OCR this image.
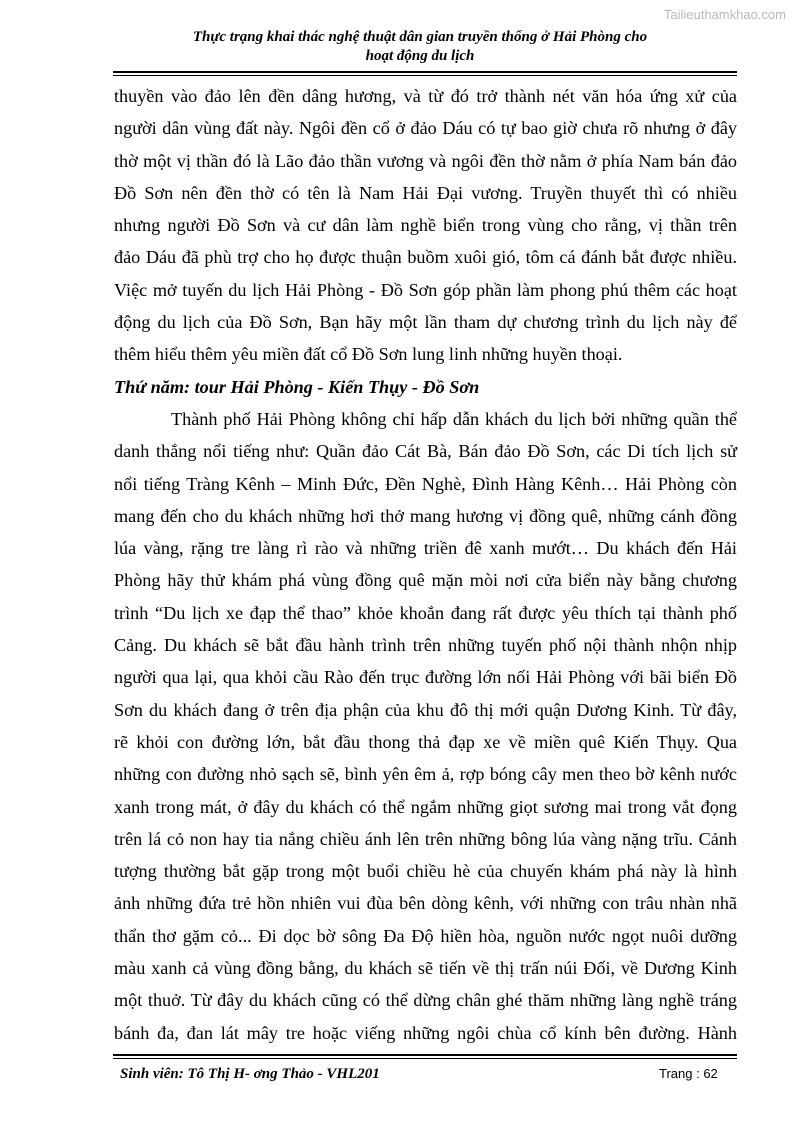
Tailieuthamkhao.com
Thực trạng khai thác nghệ thuật dân gian truyền thống ở Hải Phòng cho
hoạt động du lịch
thuyền vào đảo lên đền dâng hương, và từ đó trở thành nét văn hóa ứng xử của
người dân vùng đất này. Ngôi đền cổ ở đảo Dáu có tự bao giờ chưa rõ nhưng ở đây
thờ một vị thần đó là Lão đảo thần vương và ngôi đền thờ nằm ở phía Nam bán đảo
Đồ Sơn nên đền thờ có tên là Nam Hải Đại vương. Truyền thuyết thì có nhiều
nhưng người Đồ Sơn và cư dân làm nghề biển trong vùng cho rằng, vị thần trên
đảo Dáu đã phù trợ cho họ được thuận buồm xuôi gió, tôm cá đánh bắt được nhiều.
Việc mở tuyến du lịch Hải Phòng - Đồ Sơn góp phần làm phong phú thêm các hoạt
động du lịch của Đồ Sơn, Bạn hãy một lần tham dự chương trình du lịch này để
thêm hiểu thêm yêu miền đất cổ Đồ Sơn lung linh những huyền thoại.
Thứ năm: tour Hải Phòng - Kiến Thụy - Đồ Sơn
Thành phố Hải Phòng không chỉ hấp dẫn khách du lịch bởi những quần thể
danh thắng nổi tiếng như: Quần đảo Cát Bà, Bán đảo Đồ Sơn, các Di tích lịch sử
nổi tiếng Tràng Kênh – Minh Đức, Đền Nghè, Đình Hàng Kênh… Hải Phòng còn
mang đến cho du khách những hơi thở mang hương vị đồng quê, những cánh đồng
lúa vàng, rặng tre làng rì rào và những triền đê xanh mướt… Du khách đến Hải
Phòng hãy thử khám phá vùng đồng quê mặn mòi nơi cửa biển này bằng chương
trình “Du lịch xe đạp thể thao” khỏe khoắn đang rất được yêu thích tại thành phố
Cảng. Du khách sẽ bắt đầu hành trình trên những tuyến phố nội thành nhộn nhịp
người qua lại, qua khỏi cầu Rào đến trục đường lớn nối Hải Phòng với bãi biển Đồ
Sơn du khách đang ở trên địa phận của khu đô thị mới quận Dương Kinh. Từ đây,
rẽ khỏi con đường lớn, bắt đầu thong thả đạp xe về miền quê Kiến Thụy. Qua
những con đường nhỏ sạch sẽ, bình yên êm ả, rợp bóng cây men theo bờ kênh nước
xanh trong mát, ở đây du khách có thể ngắm những giọt sương mai trong vắt đọng
trên lá cỏ non hay tia nắng chiều ánh lên trên những bông lúa vàng nặng trĩu. Cảnh
tượng thường bắt gặp trong một buổi chiều hè của chuyến khám phá này là hình
ảnh những đứa trẻ hồn nhiên vui đùa bên dòng kênh, với những con trâu nhàn nhã
thẩn thơ gặm cỏ... Đi dọc bờ sông Đa Độ hiền hòa, nguồn nước ngọt nuôi dưỡng
màu xanh cả vùng đồng bằng, du khách sẽ tiến về thị trấn núi Đối, về Dương Kinh
một thuở. Từ đây du khách cũng có thể dừng chân ghé thăm những làng nghề tráng
bánh đa, đan lát mây tre hoặc viếng những ngôi chùa cổ kính bên đường. Hành
Sinh viên: Tô Thị H- ơng Thảo - VHL201	Trang : 62
